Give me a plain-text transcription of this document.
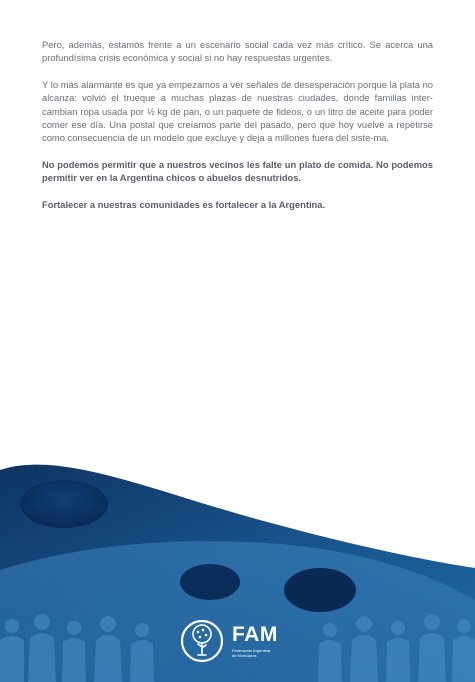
Pero, además, estamos frente a un escenario social cada vez más crítico. Se acerca una profundísima crisis económica y social si no hay respuestas urgentes.

Y lo más alarmante es que ya empezamos a ver señales de desesperación porque la plata no alcanza: volvió el trueque a muchas plazas de nuestras ciudades, donde familias inter-cambian ropa usada por ½ kg de pan, o un paquete de fideos, o un litro de aceite para poder comer ese día. Una postal que creíamos parte del pasado, pero que hoy vuelve a repetirse como consecuencia de un modelo que excluye y deja a millones fuera del siste-ma.

No podemos permitir que a nuestros vecinos les falte un plato de comida. No podemos permitir ver en la Argentina chicos o abuelos desnutridos.

Fortalecer a nuestras comunidades es fortalecer a la Argentina.

FAM
Federación Argentina
de Municipios
